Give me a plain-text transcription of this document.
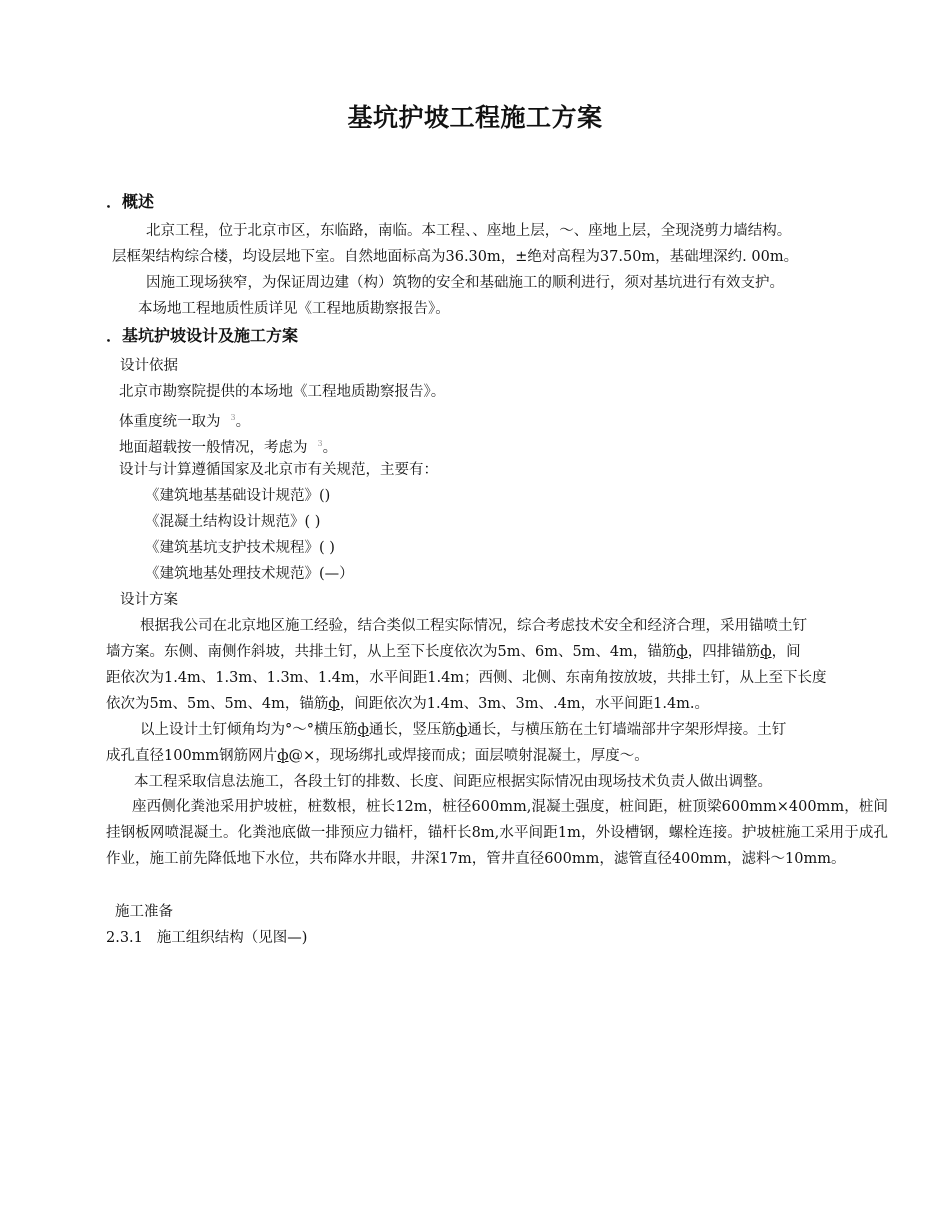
基坑护坡工程施工方案
．概述
北京工程，位于北京市区，东临路，南临。本工程、、座地上层，～、座地上层，全现浇剪力墙结构。
层框架结构综合楼，均设层地下室。自然地面标高为36.30m，±绝对高程为37.50m，基础埋深约. 00m。
因施工现场狭窄，为保证周边建（构）筑物的安全和基础施工的顺利进行，须对基坑进行有效支护。
本场地工程地质性质详见《工程地质勘察报告》。
．基坑护坡设计及施工方案
设计依据
北京市勘察院提供的本场地《工程地质勘察报告》。
体重度统一取为 $^3$。
地面超载按一般情况，考虑为 $^3$。
设计与计算遵循国家及北京市有关规范，主要有：
《建筑地基基础设计规范》()
《混凝土结构设计规范》( )
《建筑基坑支护技术规程》( )
《建筑地基处理技术规范》(—）
设计方案
根据我公司在北京地区施工经验，结合类似工程实际情况，综合考虑技术安全和经济合理，采用锚喷土钉
墙方案。东侧、南侧作斜坡，共排土钉，从上至下长度依次为5m、6m、5m、4m，锚筋ф，四排锚筋ф，间
距依次为1.4m、1.3m、1.3m、1.4m，水平间距1.4m；西侧、北侧、东南角按放坡，共排土钉，从上至下长度
依次为5m、5m、5m、4m，锚筋ф，间距依次为1.4m、3m、3m、.4m，水平间距1.4m.。
以上设计土钉倾角均为°～°横压筋ф通长，竖压筋ф通长，与横压筋在土钉墙端部井字架形焊接。土钉
成孔直径100mm钢筋网片ф@×，现场绑扎或焊接而成；面层喷射混凝土，厚度～。
本工程采取信息法施工，各段土钉的排数、长度、间距应根据实际情况由现场技术负责人做出调整。
座西侧化粪池采用护坡桩，桩数根，桩长12m，桩径600mm,混凝土强度，桩间距，桩顶梁600mm×400mm，桩间挂钢板网喷混凝土。化粪池底做一排预应力锚杆，锚杆长8m,水平间距1m，外设槽钢，螺栓连接。护坡桩施工采用于成孔作业，施工前先降低地下水位，共布降水井眼，井深17m，管井直径600mm，滤管直径400mm，滤料～10mm。
施工准备
2.3.1 施工组织结构（见图—)
